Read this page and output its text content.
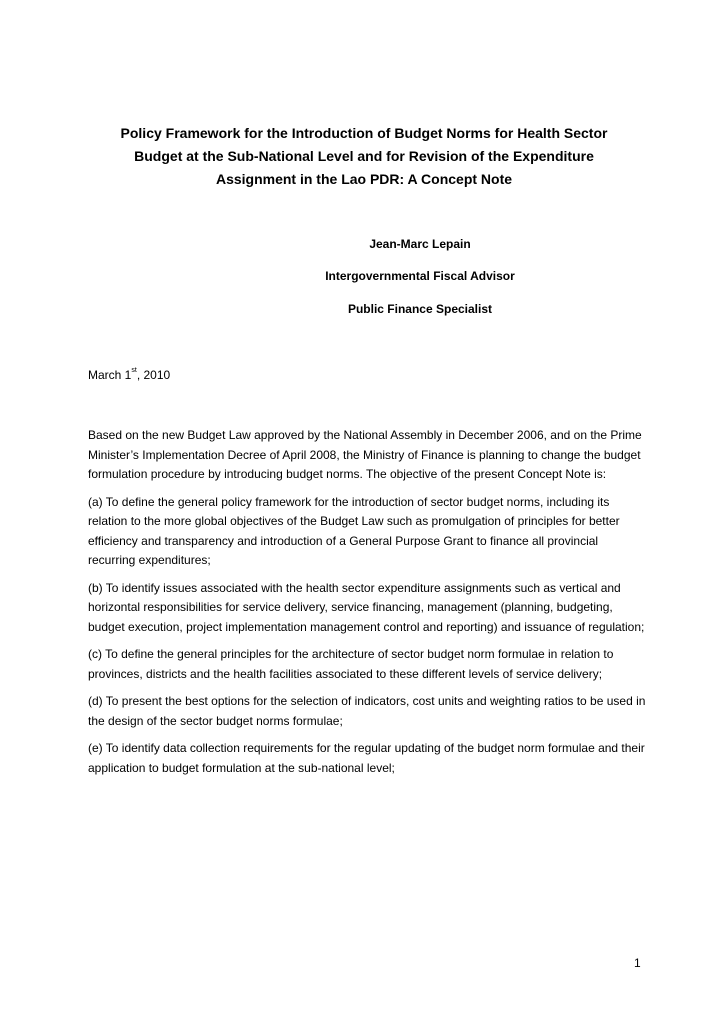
Policy Framework for the Introduction of Budget Norms for Health Sector
Budget at the Sub-National Level and for Revision of the Expenditure
Assignment in the Lao PDR: A Concept Note

Jean-Marc Lepain

Intergovernmental Fiscal Advisor

Public Finance Specialist

March 1st, 2010

Based on the new Budget Law approved by the National Assembly in December 2006, and on the Prime Minister’s Implementation Decree of April 2008, the Ministry of Finance is planning to change the budget formulation procedure by introducing budget norms. The objective of the present Concept Note is:

(a) To define the general policy framework for the introduction of sector budget norms, including its relation to the more global objectives of the Budget Law such as promulgation of principles for better efficiency and transparency and introduction of a General Purpose Grant to finance all provincial recurring expenditures;

(b) To identify issues associated with the health sector expenditure assignments such as vertical and horizontal responsibilities for service delivery, service financing, management (planning, budgeting, budget execution, project implementation management control and reporting) and issuance of regulation;

(c) To define the general principles for the architecture of sector budget norm formulae in relation to provinces, districts and the health facilities associated to these different levels of service delivery;

(d) To present the best options for the selection of indicators, cost units and weighting ratios to be used in the design of the sector budget norms formulae;

(e) To identify data collection requirements for the regular updating of the budget norm formulae and their application to budget formulation at the sub-national level;

1
